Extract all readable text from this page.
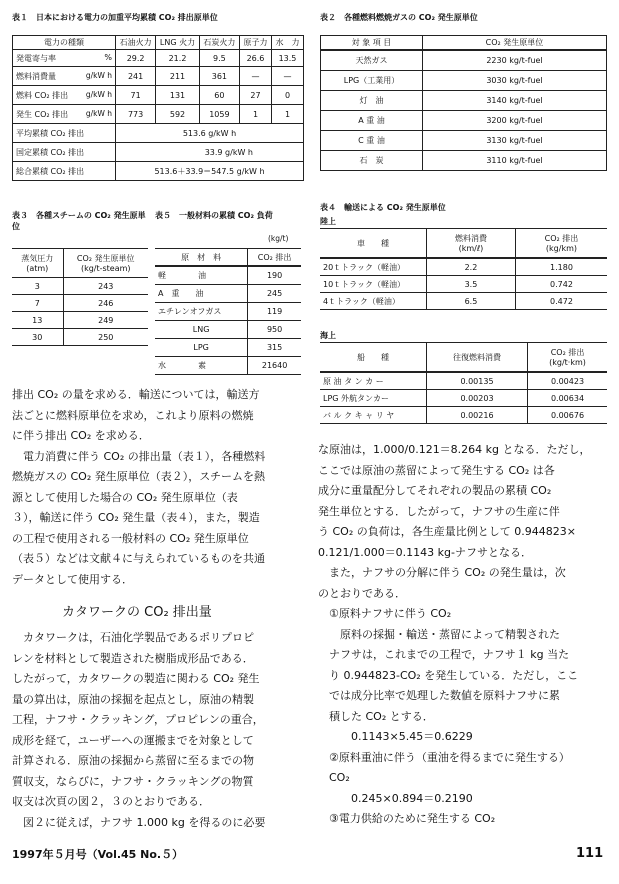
表１　日本における電力の加重平均累積 CO₂ 排出原単位
電力の種類	石油火力	LNG 火力	石炭火力	原子力	水　力
発電寄与率 %	29.2	21.2	9.5	26.6	13.5
燃料消費量 g/kW h	241	211	361	—	—
燃料 CO₂ 排出 g/kW h	71	131	60	27	0
発生 CO₂ 排出 g/kW h	773	592	1059	1	1
平均累積 CO₂ 排出	513.6 g/kW h				
国定累積 CO₂ 排出	33.9 g/kW h				
総合累積 CO₂ 排出	513.6＋33.9＝547.5 g/kW h				
表２　各種燃料燃焼ガスの CO₂ 発生原単位
対 象 項 目	CO₂ 発生原単位
天然ガス	2230 kg/t-fuel
LPG（工業用）	3030 kg/t-fuel
灯　油	3140 kg/t-fuel
A 重 油	3200 kg/t-fuel
C 重 油	3130 kg/t-fuel
石　炭	3110 kg/t-fuel
表３　各種スチームの CO₂ 発生原単位
蒸気圧力
(atm)	CO₂ 発生原単位
(kg/t-steam)
3	243
7	246
13	249
30	250
表５　一般材料の累積 CO₂ 負荷
(kg/t)
原　材　料	CO₂ 排出
軽　　　　油	190
A　重　　油	245
エチレンオフガス	119
LNG	950
LPG	315
水　　　　素	21640
表４　輸送による CO₂ 発生原単位
陸上
車　　種	燃料消費
(km/ℓ)	CO₂ 排出
(kg/km)
20ｔトラック（軽油）	2.2	1.180
10ｔトラック（軽油）	3.5	0.742
4ｔトラック（軽油）	6.5	0.472
海上
船　　種	往復燃料消費	CO₂ 排出
(kg/t·km)
原 油 タ ン カ ー	0.00135	0.00423
LPG 外航タンカー	0.00203	0.00634
バ ル ク キ ャ リ ヤ	0.00216	0.00676
排出 CO₂ の量を求める．輸送については，輸送方
法ごとに燃料原単位を求め，これより原料の燃焼
に伴う排出 CO₂ を求める．
　電力消費に伴う CO₂ の排出量（表１），各種燃料
燃焼ガスの CO₂ 発生原単位（表２），スチームを熱
源として使用した場合の CO₂ 発生原単位（表
３），輸送に伴う CO₂ 発生量（表４），また，製造
の工程で使用される一般材料の CO₂ 発生原単位
（表５）などは文献４に与えられているものを共通
データとして使用する．
カタワークの CO₂ 排出量
　カタワークは，石油化学製品であるポリプロピ
レンを材料として製造された樹脂成形品である．
したがって，カタワークの製造に関わる CO₂ 発生
量の算出は，原油の採掘を起点とし，原油の精製
工程，ナフサ・クラッキング，プロピレンの重合，
成形を経て，ユーザーへの運搬までを対象として
計算される．原油の採掘から蒸留に至るまでの物
質収支，ならびに，ナフサ・クラッキングの物質
収支は次頁の図２，３のとおりである．
　図２に従えば，ナフサ 1.000 kg を得るのに必要
な原油は，1.000/0.121＝8.264 kg となる．ただし，
ここでは原油の蒸留によって発生する CO₂ は各
成分に重量配分してそれぞれの製品の累積 CO₂
発生単位とする．したがって，ナフサの生産に伴
う CO₂ の負荷は，各生産量比例として 0.944823×
0.121/1.000＝0.1143 kg-ナフサとなる．
　また，ナフサの分解に伴う CO₂ の発生量は，次
のとおりである．
　①原料ナフサに伴う CO₂
　　原料の採掘・輸送・蒸留によって精製された
　ナフサは，これまでの工程で，ナフサ１ kg 当た
　り 0.944823-CO₂ を発生している．ただし，ここ
　では成分比率で処理した数値を原料ナフサに累
　積した CO₂ とする．
　　　0.1143×5.45＝0.6229
　②原料重油に伴う（重油を得るまでに発生する）
　CO₂
　　　0.245×0.894＝0.2190
　③電力供給のために発生する CO₂
1997年５月号（Vol.45 No.５）	111
